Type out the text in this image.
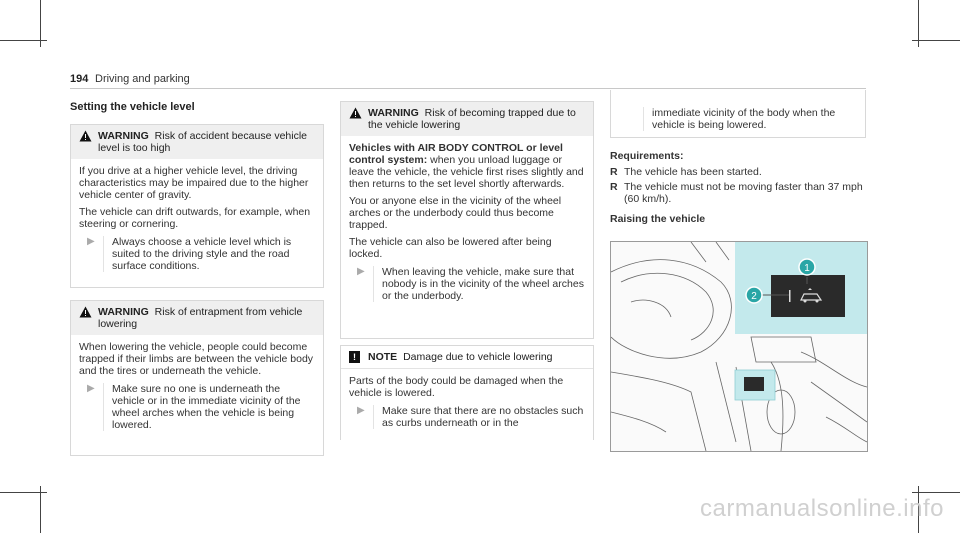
194 Driving and parking
Setting the vehicle level
WARNING Risk of accident because vehicle level is too high

If you drive at a higher vehicle level, the driving characteristics may be impaired due to the higher vehicle center of gravity.

The vehicle can drift outwards, for example, when steering or cornering.

▶	Always choose a vehicle level which is suited to the driving style and the road surface conditions.
WARNING Risk of entrapment from vehicle lowering

When lowering the vehicle, people could become trapped if their limbs are between the vehicle body and the tires or underneath the vehicle.

▶	Make sure no one is underneath the vehicle or in the immediate vicinity of the wheel arches when the vehicle is being lowered.
WARNING Risk of becoming trapped due to the vehicle lowering

Vehicles with AIR BODY CONTROL or level control system: when you unload luggage or leave the vehicle, the vehicle first rises slightly and then returns to the set level shortly afterwards.

You or anyone else in the vicinity of the wheel arches or the underbody could thus become trapped.

The vehicle can also be lowered after being locked.

▶	When leaving the vehicle, make sure that nobody is in the vicinity of the wheel arches or the underbody.
! NOTE Damage due to vehicle lowering

Parts of the body could be damaged when the vehicle is lowered.

▶	Make sure that there are no obstacles such as curbs underneath or in the
immediate vicinity of the body when the vehicle is being lowered.
Requirements:
R The vehicle has been started.
R The vehicle must not be moving faster than 37 mph (60 km/h).
Raising the vehicle
1
2
carmanualsonline.info
